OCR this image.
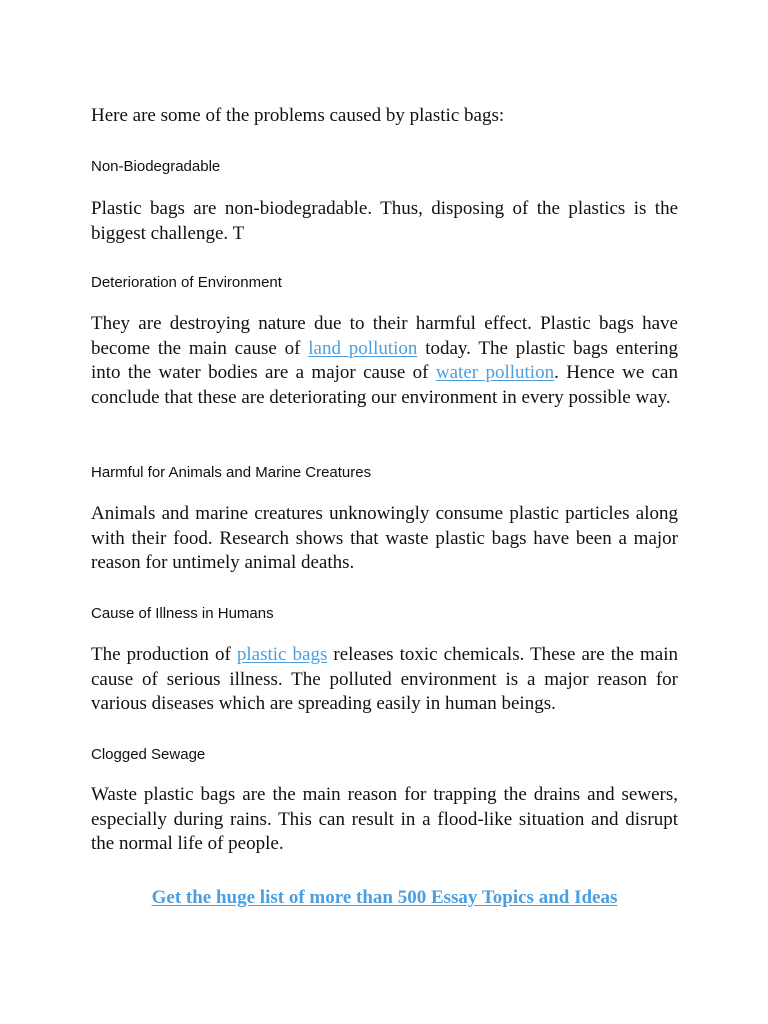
Here are some of the problems caused by plastic bags:
Non-Biodegradable

Plastic bags are non-biodegradable. Thus, disposing of the plastics is the biggest challenge. T

Deterioration of Environment

They are destroying nature due to their harmful effect. Plastic bags have become the main cause of land pollution today. The plastic bags entering into the water bodies are a major cause of water pollution. Hence we can conclude that these are deteriorating our environment in every possible way.

Harmful for Animals and Marine Creatures

Animals and marine creatures unknowingly consume plastic particles along with their food. Research shows that waste plastic bags have been a major reason for untimely animal deaths.

Cause of Illness in Humans

The production of plastic bags releases toxic chemicals. These are the main cause of serious illness. The polluted environment is a major reason for various diseases which are spreading easily in human beings.

Clogged Sewage

Waste plastic bags are the main reason for trapping the drains and sewers, especially during rains. This can result in a flood-like situation and disrupt the normal life of people.

Get the huge list of more than 500 Essay Topics and Ideas
